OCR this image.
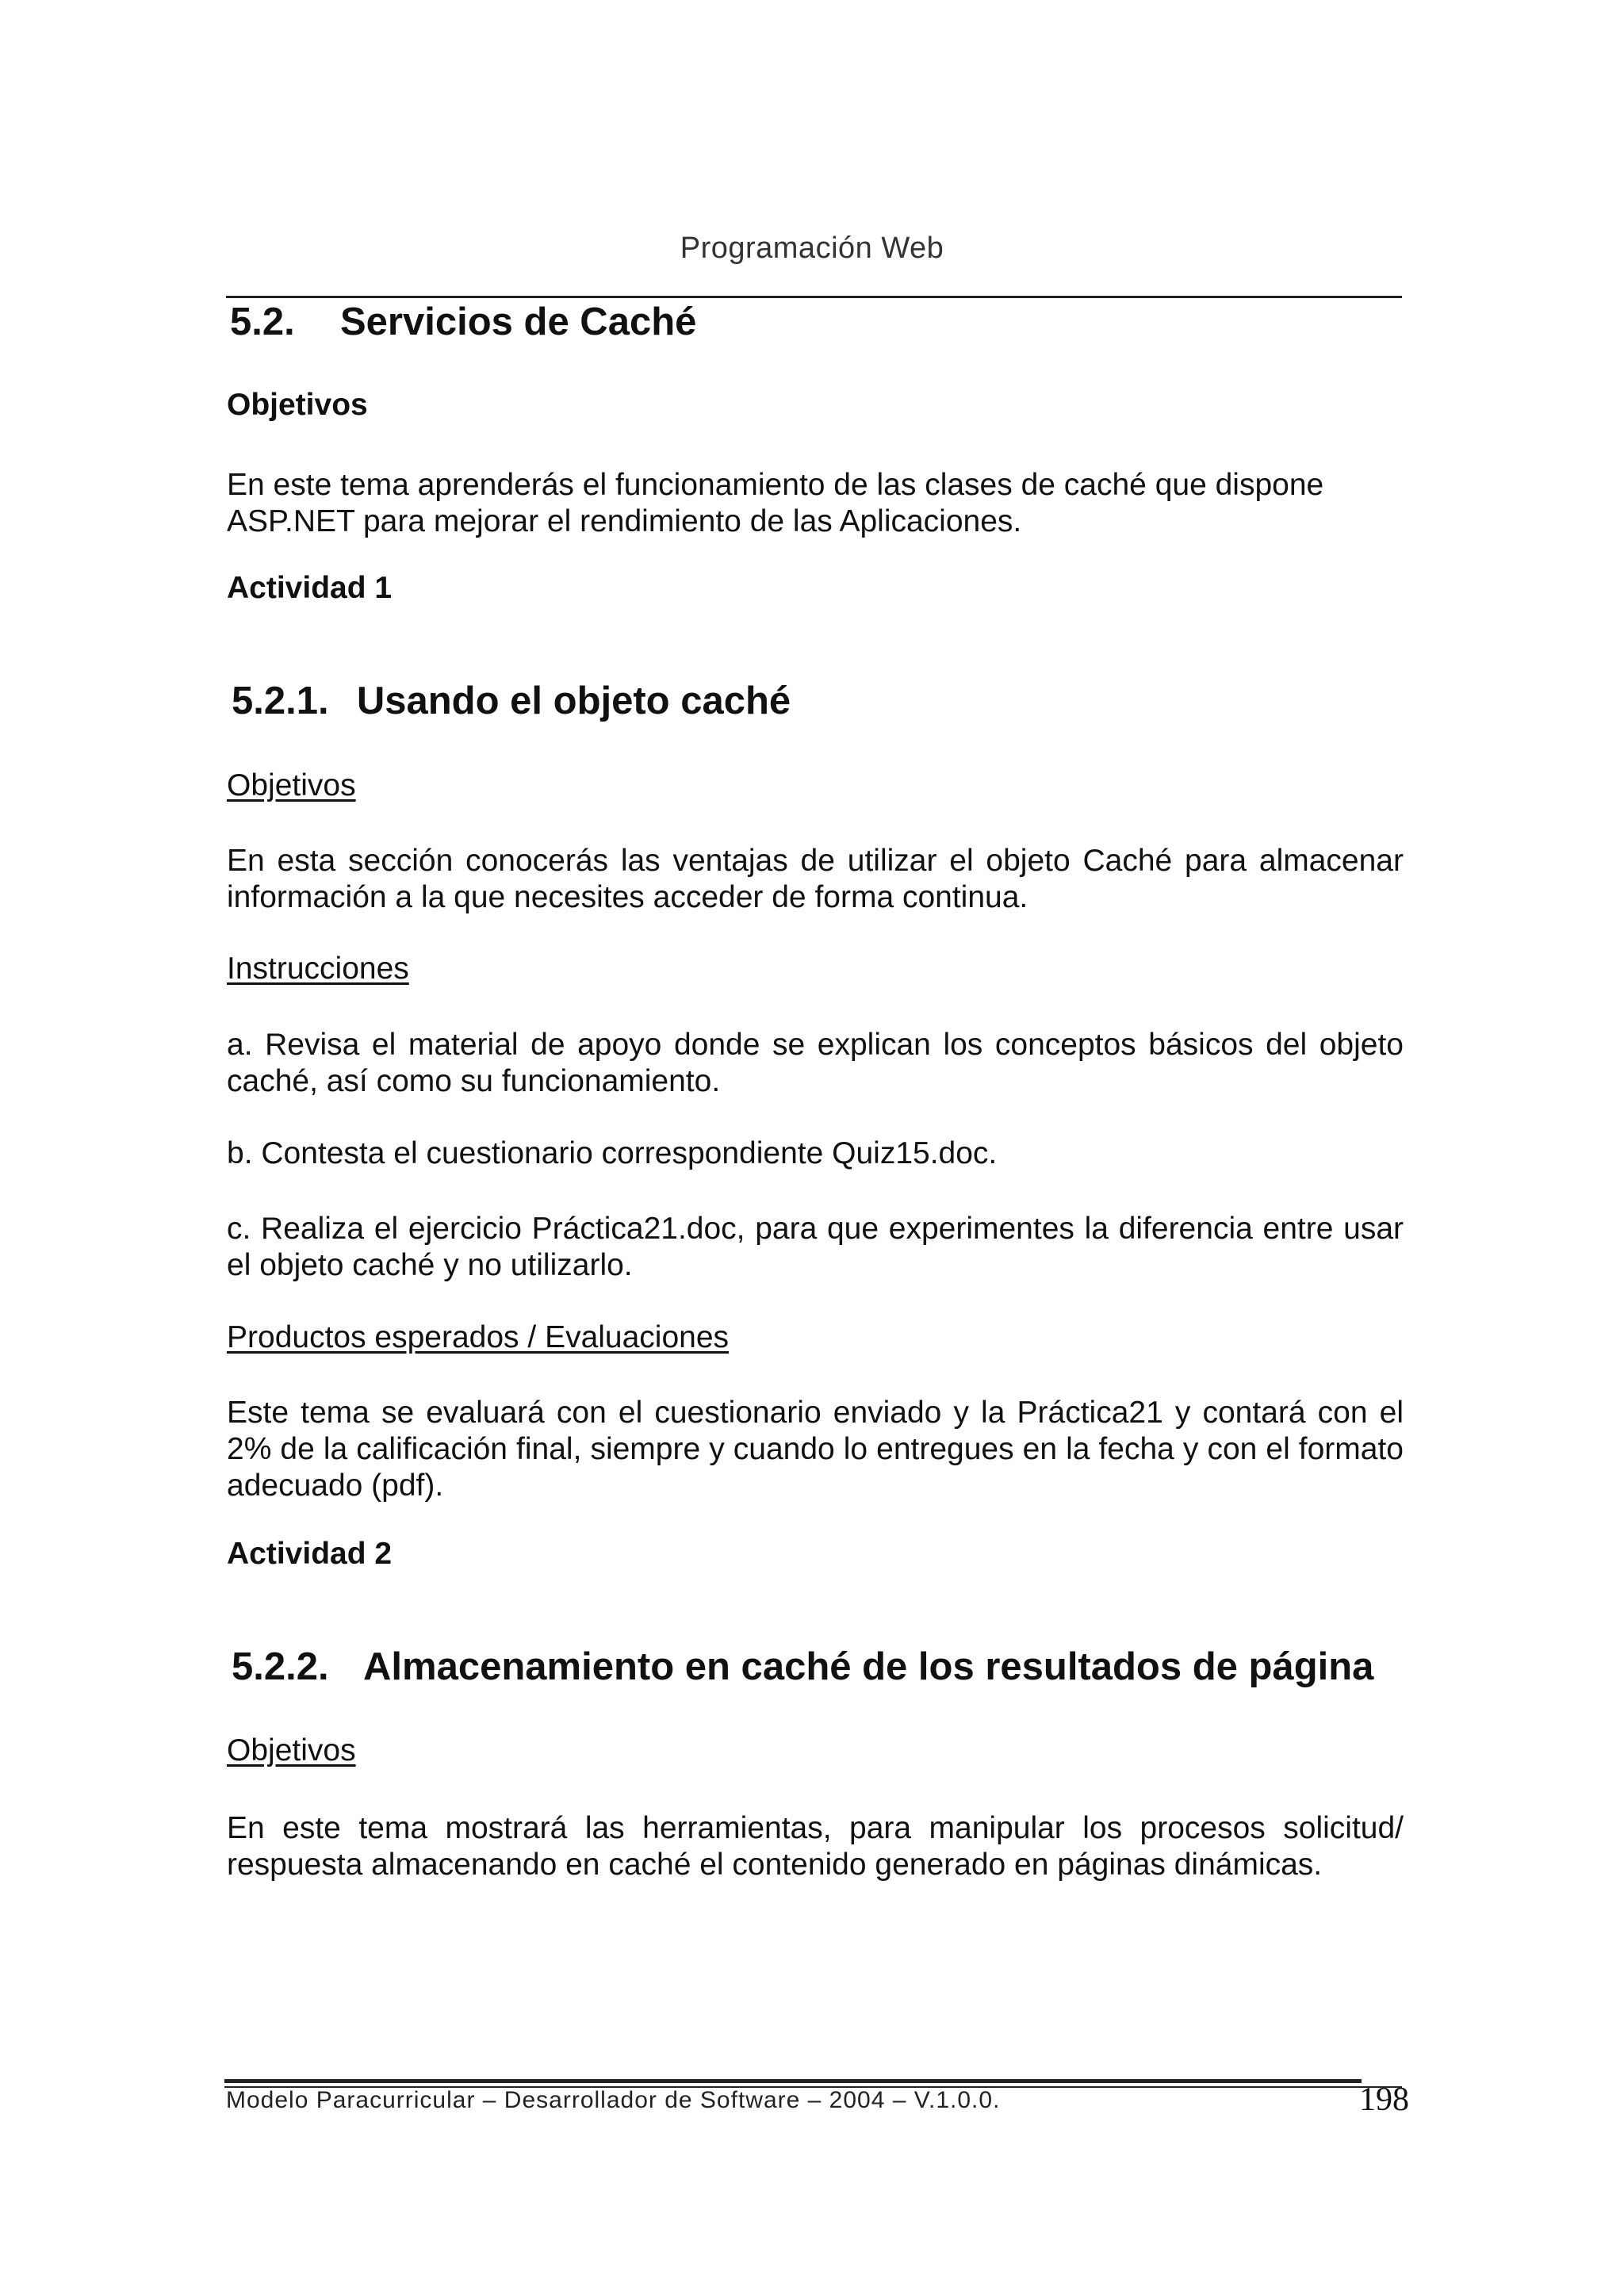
Programación Web

5.2. Servicios de Caché

Objetivos

En este tema aprenderás el funcionamiento de las clases de caché que dispone ASP.NET para mejorar el rendimiento de las Aplicaciones.

Actividad 1

5.2.1. Usando el objeto caché

Objetivos

En esta sección conocerás las ventajas de utilizar el objeto Caché para almacenar información a la que necesites acceder de forma continua.

Instrucciones

a. Revisa el material de apoyo donde se explican los conceptos básicos del objeto caché, así como su funcionamiento.

b. Contesta el cuestionario correspondiente Quiz15.doc.

c. Realiza el ejercicio Práctica21.doc, para que experimentes la diferencia entre usar el objeto caché y no utilizarlo.

Productos esperados / Evaluaciones

Este tema se evaluará con el cuestionario enviado y la Práctica21 y contará con el 2% de la calificación final, siempre y cuando lo entregues en la fecha y con el formato adecuado (pdf).

Actividad 2

5.2.2. Almacenamiento en caché de los resultados de página

Objetivos

En este tema mostrará las herramientas, para manipular los procesos solicitud/ respuesta almacenando en caché el contenido generado en páginas dinámicas.

Modelo Paracurricular – Desarrollador de Software – 2004 – V.1.0.0.	198
